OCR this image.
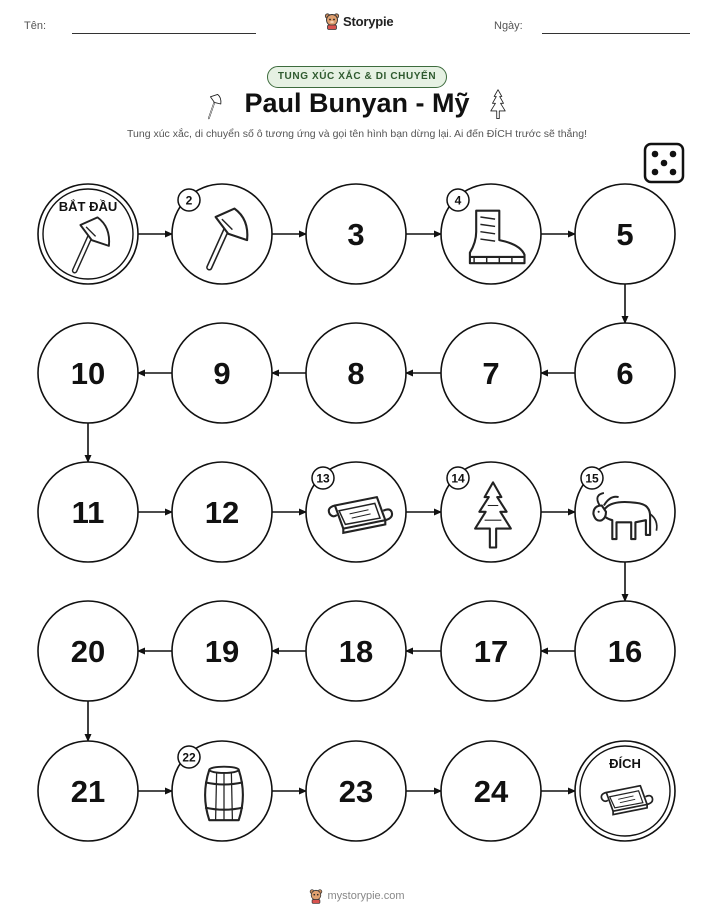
Tên:	Storypie	Ngày:
TUNG XÚC XẮC & DI CHUYỂN
Paul Bunyan - Mỹ
Tung xúc xắc, di chuyển số ô tương ứng và gọi tên hình bạn dừng lại. Ai đến ĐÍCH trước sẽ thắng!
BẮT ĐẦU	2
3
4
5
6
7
8
9
10
11	12
13	14	15
16
17
18
19
20
21
22
23	24
ĐÍCH
mystorypie.com
